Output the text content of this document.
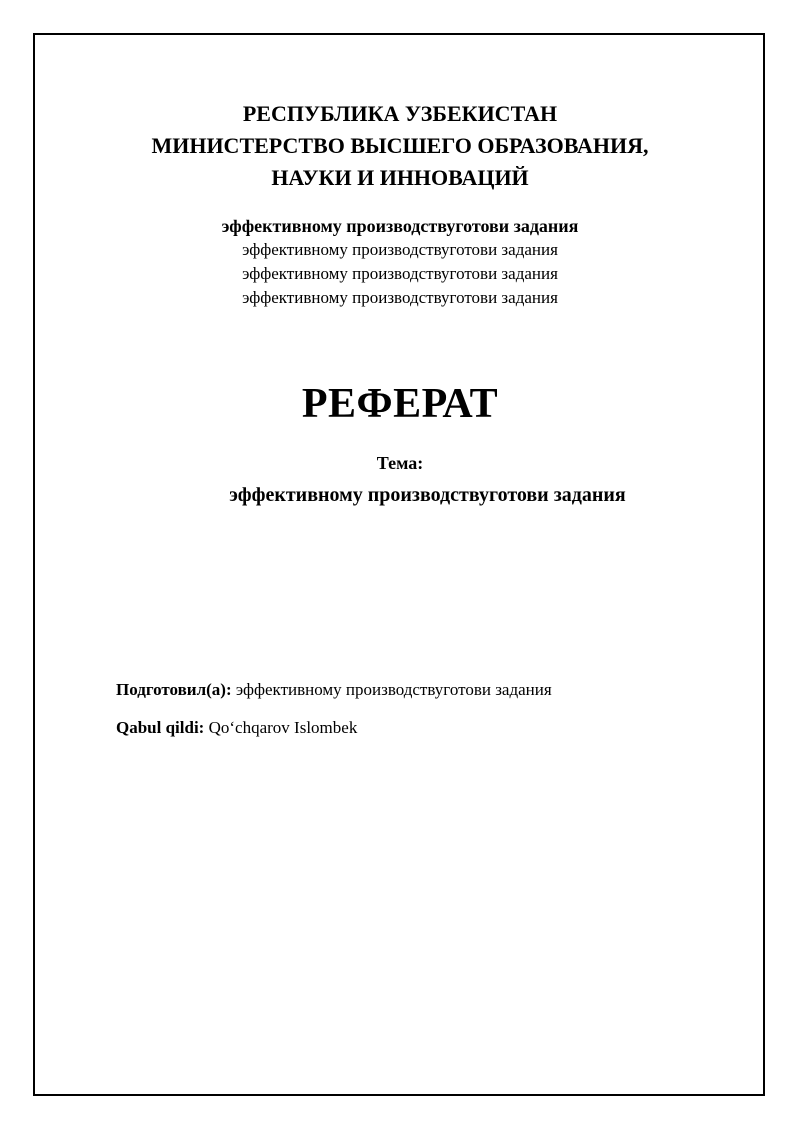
РЕСПУБЛИКА УЗБЕКИСТАН
МИНИСТЕРСТВО ВЫСШЕГО ОБРАЗОВАНИЯ,
НАУКИ И ИННОВАЦИЙ
эффективному производствуготови задания
эффективному производствуготови задания
эффективному производствуготови задания
эффективному производствуготови задания
РЕФЕРАТ
Тема:
эффективному производствуготови задания
Подготовил(а): эффективному производствуготови задания
Qabul qildi: Qo‘chqarov Islombek
